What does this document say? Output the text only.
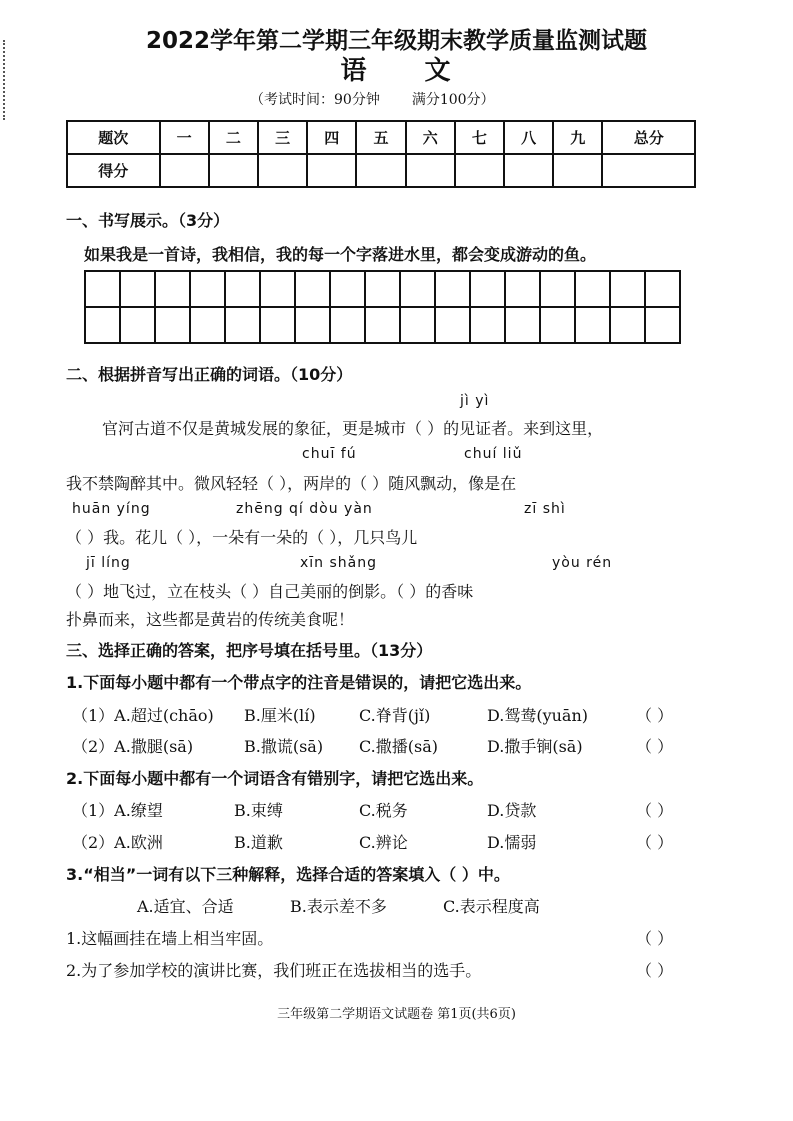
2022学年第二学期三年级期末教学质量监测试题
语 文
（考试时间：90分钟 满分100分）
题次	一	二	三	四	五	六	七	八	九	总分
得分										
一、书写展示。（3分）
如果我是一首诗，我相信，我的每一个字落进水里，都会变成游动的鱼。

二、根据拼音写出正确的词语。（10分）
jì yì
官河古道不仅是黄城发展的象征，更是城市（ ）的见证者。来到这里，
chuī fú	chuí liǔ
我不禁陶醉其中。微风轻轻（ ），两岸的（ ）随风飘动，像是在
huān yíng	zhēng qí dòu yàn	zī shì
（ ）我。花儿（ ），一朵有一朵的（ ），几只鸟儿
jī líng	xīn shǎng	yòu rén
（ ）地飞过，立在枝头（ ）自己美丽的倒影。（ ）的香味
扑鼻而来，这些都是黄岩的传统美食呢！
三、选择正确的答案，把序号填在括号里。（13分）
1.下面每小题中都有一个带点字的注音是错误的，请把它选出来。
（1）A.超过(chāo) B.厘米(lí)	C.脊背(jǐ)	D.鸳鸯(yuān)	（ ）
（2）A.撒腿(sā)	B.撒谎(sā) C.撒播(sā)	D.撒手锏(sā)	（ ）
2.下面每小题中都有一个词语含有错别字，请把它选出来。
（1）A.缭望	B.束缚	C.税务	D.贷款	（ ）
（2）A.欧洲	B.道歉	C.辨论	D.懦弱	（ ）
3.“相当”一词有以下三种解释，选择合适的答案填入（ ）中。
A.适宜、合适	B.表示差不多	C.表示程度高
1.这幅画挂在墙上相当牢固。	（ ）
2.为了参加学校的演讲比赛，我们班正在选拔相当的选手。	（ ）
三年级第二学期语文试题卷 第1页(共6页)
